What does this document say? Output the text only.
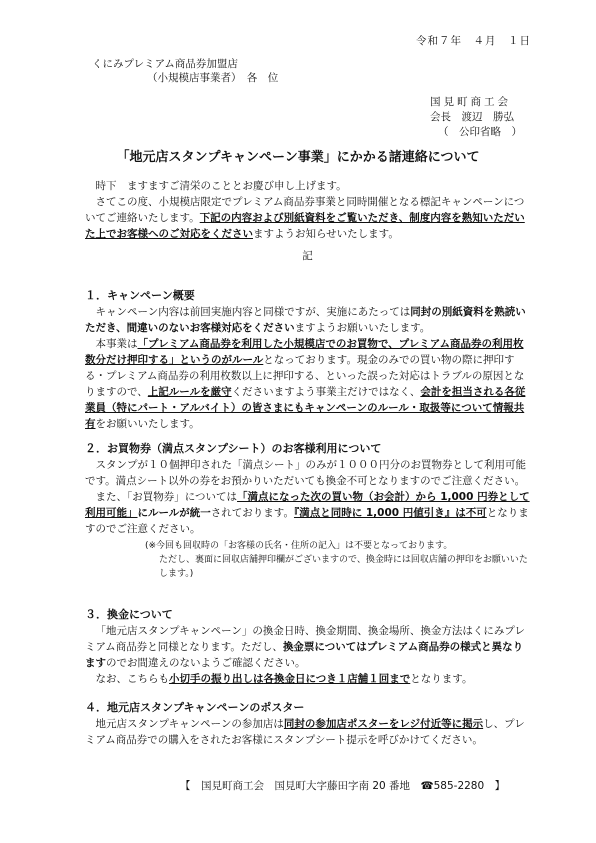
令和７年　４月　１日
くにみプレミアム商品券加盟店
（小規模店事業者）　各　位
国見町商工会
会長　渡辺　勝弘
（　公印省略　）
「地元店スタンプキャンペーン事業」にかかる諸連絡について

時下　ますますご清栄のこととお慶び申し上げます。

さてこの度、小規模店限定でプレミアム商品券事業と同時開催となる標記キャンペーンについてご連絡いたします。下記の内容および別紙資料をご覧いただき、制度内容を熟知いただいた上でお客様へのご対応をくださいますようお知らせいたします。

記

１．キャンペーン概要

キャンペーン内容は前回実施内容と同様ですが、実施にあたっては同封の別紙資料を熟読いただき、間違いのないお客様対応をくださいますようお願いいたします。

本事業は「プレミアム商品券を利用した小規模店でのお買物で、プレミアム商品券の利用枚数分だけ押印する」というのがルールとなっております。現金のみでの買い物の際に押印する・プレミアム商品券の利用枚数以上に押印する、といった誤った対応はトラブルの原因となりますので、上記ルールを厳守くださいますよう事業主だけではなく、会計を担当される各従業員（特にパート・アルバイト）の皆さまにもキャンペーンのルール・取扱等について情報共有をお願いいたします。

２．お買物券（満点スタンプシート）のお客様利用について

スタンプが１０個押印された「満点シート」のみが１０００円分のお買物券として利用可能です。満点シート以外の券をお預かりいただいても換金不可となりますのでご注意ください。

また、「お買物券」については「満点になった次の買い物（お会計）から 1,000 円券として利用可能」にルールが統一されております。『満点と同時に 1,000 円値引き』は不可となりますのでご注意ください。

(※今回も回収時の「お客様の氏名・住所の記入」は不要となっております。
ただし、裏面に回収店舗押印欄がございますので、換金時には回収店舗の押印をお願いいたします。)
３．換金について

「地元店スタンプキャンペーン」の換金日時、換金期間、換金場所、換金方法はくにみプレミアム商品券と同様となります。ただし、換金票についてはプレミアム商品券の様式と異なりますのでお間違えのないようご確認ください。

なお、こちらも小切手の振り出しは各換金日につき１店舗１回までとなります。

４．地元店スタンプキャンペーンのポスター

地元店スタンプキャンペーンの参加店は同封の参加店ポスターをレジ付近等に掲示し、プレミアム商品券での購入をされたお客様にスタンプシート提示を呼びかけてください。

【　国見町商工会　国見町大字藤田字南 20 番地　☎585-2280　】
